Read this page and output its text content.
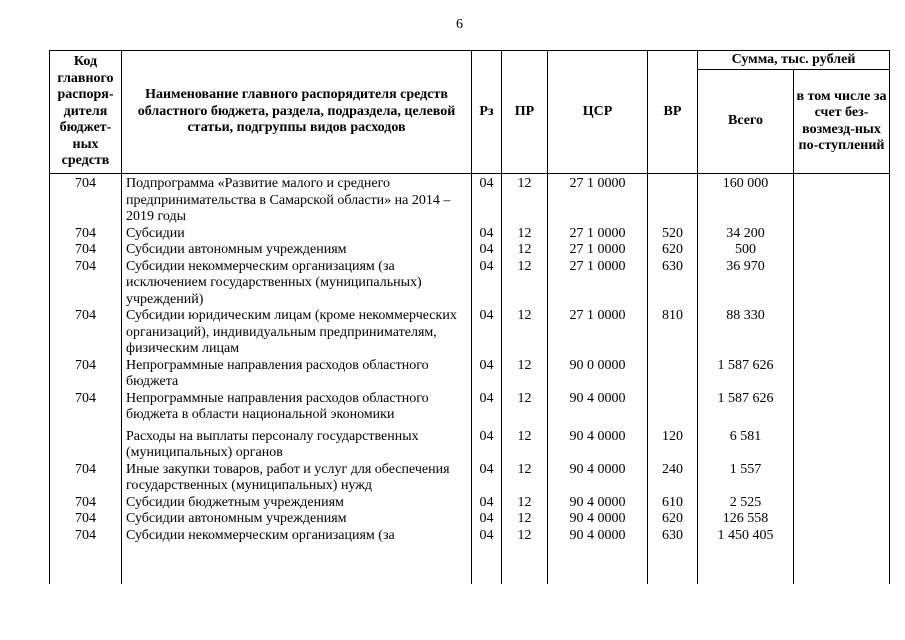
6
Код главного распоря-дителя бюджет-ных средств	Наименование главного распорядителя средств областного бюджета, раздела, подраздела, целевой статьи, подгруппы видов расходов	Рз	ПР	ЦСР	ВР	Сумма, тыс. рублей	
						Всего	в том числе за счет без-возмезд-ных по-ступлений
704	Подпрограмма «Развитие малого и среднего предпринимательства в Самарской области» на 2014 – 2019 годы	04	12	27 1 0000		160 000	
704	Субсидии	04	12	27 1 0000	520	34 200	
704	Субсидии автономным учреждениям	04	12	27 1 0000	620	500	
704	Субсидии некоммерческим организациям (за исключением государственных (муниципальных) учреждений)	04	12	27 1 0000	630	36 970	
704	Субсидии юридическим лицам (кроме некоммерческих организаций), индивидуальным предпринимателям, физическим лицам	04	12	27 1 0000	810	88 330	
704	Непрограммные направления расходов областного бюджета	04	12	90 0 0000		1 587 626	
704	Непрограммные направления расходов областного бюджета в области национальной экономики	04	12	90 4 0000		1 587 626	
	Расходы на выплаты персоналу государственных (муниципальных) органов	04	12	90 4 0000	120	6 581	
704	Иные закупки товаров, работ и услуг для обеспечения государственных (муниципальных) нужд	04	12	90 4 0000	240	1 557	
704	Субсидии бюджетным учреждениям	04	12	90 4 0000	610	2 525	
704	Субсидии автономным учреждениям	04	12	90 4 0000	620	126 558	
704	Субсидии некоммерческим организациям (за	04	12	90 4 0000	630	1 450 405	
